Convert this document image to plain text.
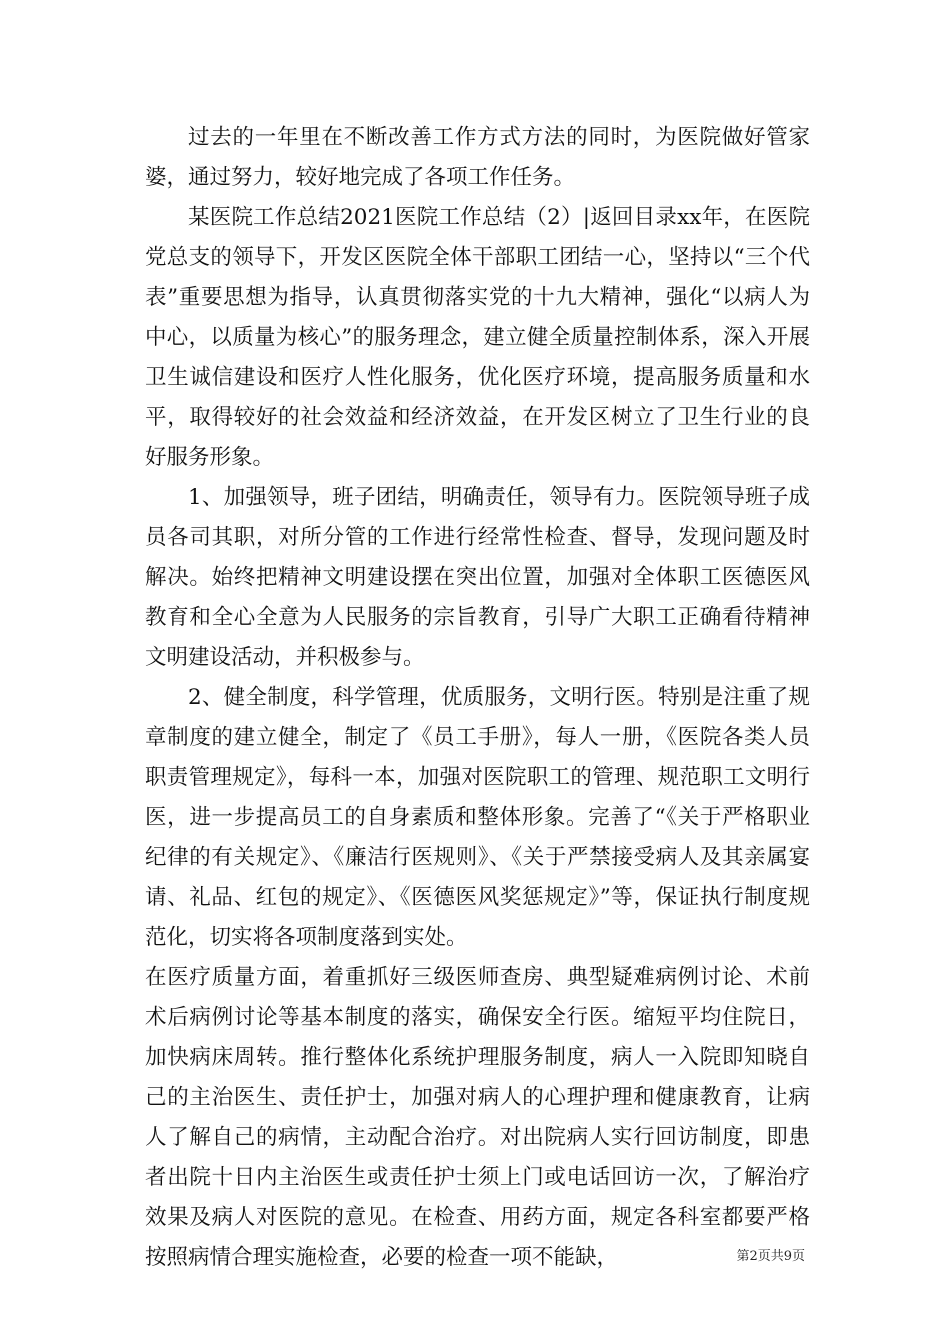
过去的一年里在不断改善工作方式方法的同时，为医院做好管家婆，通过努力，较好地完成了各项工作任务。

某医院工作总结2021医院工作总结（2）|返回目录xx年，在医院党总支的领导下，开发区医院全体干部职工团结一心，坚持以“三个代表”重要思想为指导，认真贯彻落实党的十九大精神，强化“以病人为中心，以质量为核心”的服务理念，建立健全质量控制体系，深入开展卫生诚信建设和医疗人性化服务，优化医疗环境，提高服务质量和水平，取得较好的社会效益和经济效益，在开发区树立了卫生行业的良好服务形象。

1、加强领导，班子团结，明确责任，领导有力。医院领导班子成员各司其职，对所分管的工作进行经常性检查、督导，发现问题及时解决。始终把精神文明建设摆在突出位置，加强对全体职工医德医风教育和全心全意为人民服务的宗旨教育，引导广大职工正确看待精神文明建设活动，并积极参与。

2、健全制度，科学管理，优质服务，文明行医。特别是注重了规章制度的建立健全，制定了《员工手册》，每人一册，《医院各类人员职责管理规定》，每科一本，加强对医院职工的管理、规范职工文明行医，进一步提高员工的自身素质和整体形象。完善了“《关于严格职业纪律的有关规定》、《廉洁行医规则》、《关于严禁接受病人及其亲属宴请、礼品、红包的规定》、《医德医风奖惩规定》”等，保证执行制度规范化，切实将各项制度落到实处。

在医疗质量方面，着重抓好三级医师查房、典型疑难病例讨论、术前术后病例讨论等基本制度的落实，确保安全行医。缩短平均住院日，加快病床周转。推行整体化系统护理服务制度，病人一入院即知晓自己的主治医生、责任护士，加强对病人的心理护理和健康教育，让病人了解自己的病情，主动配合治疗。对出院病人实行回访制度，即患者出院十日内主治医生或责任护士须上门或电话回访一次，了解治疗效果及病人对医院的意见。在检查、用药方面，规定各科室都要严格按照病情合理实施检查，必要的检查一项不能缺，	第2页共9页
